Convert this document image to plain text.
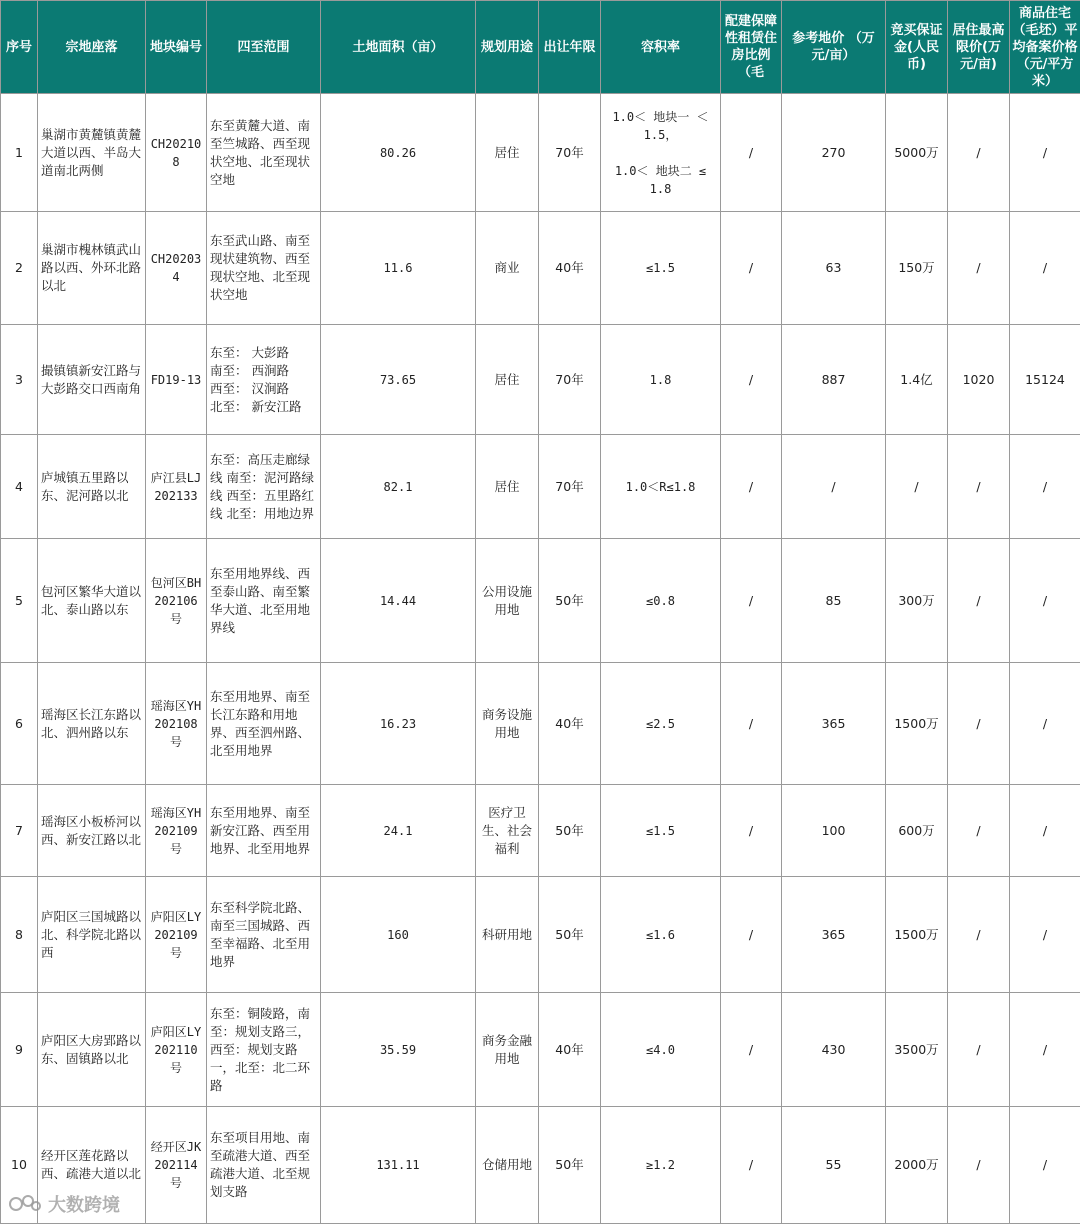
序号	宗地座落	地块编号	四至范围	土地面积（亩）	规划用途	出让年限	容积率	配建保障性租赁住房比例（毛	参考地价 （万元/亩）	竞买保证金(人民币)	居住最高限价(万元/亩)	商品住宅（毛坯）平均备案价格（元/平方米）
1	巢湖市黄麓镇黄麓大道以西、半岛大道南北两侧	CH202108	东至黄麓大道、南至竺城路、西至现状空地、北至现状空地	80.26	居住	70年	1.0＜ 地块一 ＜ 1.5，

1.0＜ 地块二 ≤ 1.8	/	270	5000万	/	/
2	巢湖市槐林镇武山路以西、外环北路以北	CH202034	东至武山路、南至现状建筑物、西至现状空地、北至现状空地	11.6	商业	40年	≤1.5	/	63	150万	/	/
3	撮镇镇新安江路与大彭路交口西南角	FD19-13	东至： 大彭路
南至： 西涧路
西至： 汉涧路
北至： 新安江路	73.65	居住	70年	1.8	/	887	1.4亿	1020	15124
4	庐城镇五里路以东、泥河路以北	庐江县LJ202133	东至：高压走廊绿线 南至：泥河路绿线 西至：五里路红线 北至：用地边界	82.1	居住	70年	1.0＜R≤1.8	/	/	/	/	/
5	包河区繁华大道以北、泰山路以东	包河区BH202106号	东至用地界线、西至泰山路、南至繁华大道、北至用地界线	14.44	公用设施用地	50年	≤0.8	/	85	300万	/	/
6	瑶海区长江东路以北、泗州路以东	瑶海区YH202108号	东至用地界、南至长江东路和用地界、西至泗州路、北至用地界	16.23	商务设施用地	40年	≤2.5	/	365	1500万	/	/
7	瑶海区小板桥河以西、新安江路以北	瑶海区YH202109号	东至用地界、南至新安江路、西至用地界、北至用地界	24.1	医疗卫生、社会福利	50年	≤1.5	/	100	600万	/	/
8	庐阳区三国城路以北、科学院北路以西	庐阳区LY202109号	东至科学院北路、南至三国城路、西至幸福路、北至用地界	160	科研用地	50年	≤1.6	/	365	1500万	/	/
9	庐阳区大房郢路以东、固镇路以北	庐阳区LY202110号	东至：铜陵路，南至：规划支路三，西至：规划支路一，北至：北二环路	35.59	商务金融用地	40年	≤4.0	/	430	3500万	/	/
10	经开区莲花路以西、疏港大道以北	经开区JK202114号	东至项目用地、南至疏港大道、西至疏港大道、北至规划支路	131.11	仓储用地	50年	≥1.2	/	55	2000万	/	/
大数跨境
